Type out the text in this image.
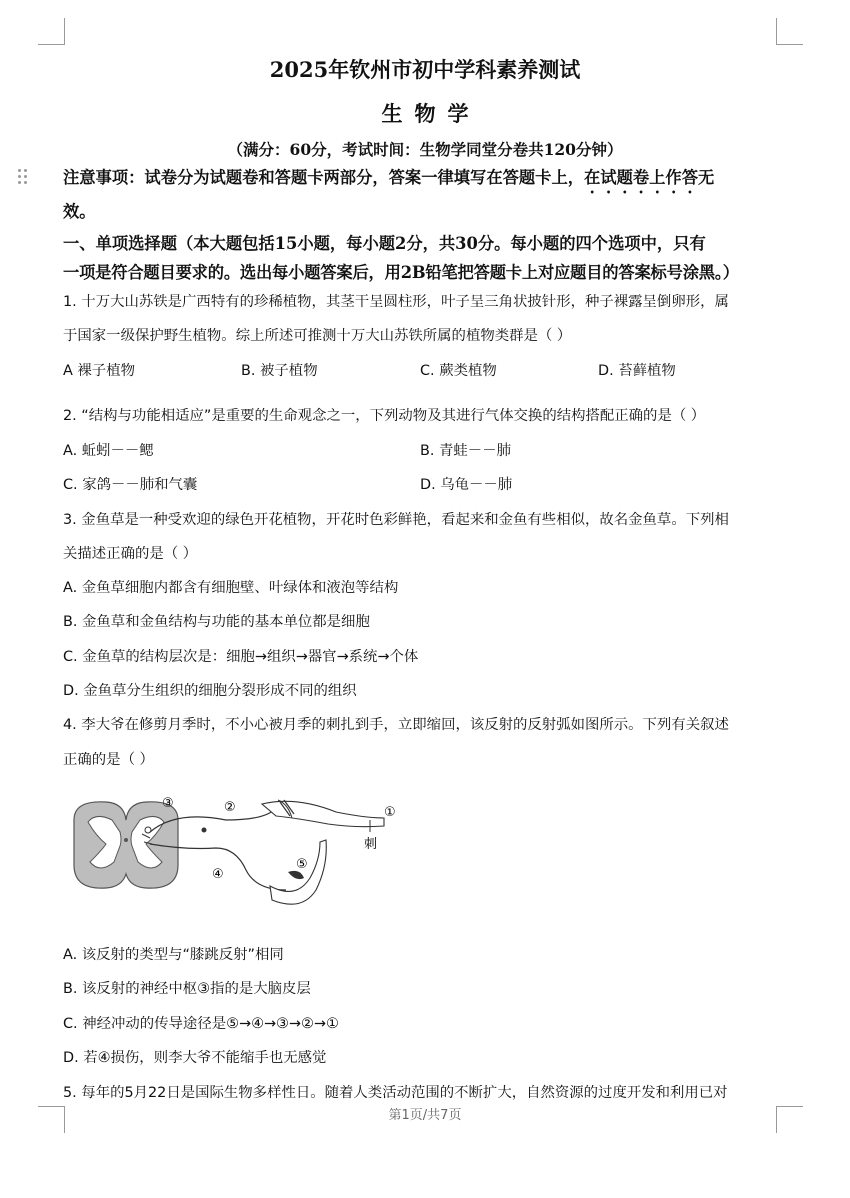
2025年钦州市初中学科素养测试
生物学
（满分：60分，考试时间：生物学同堂分卷共120分钟）
注意事项：试卷分为试题卷和答题卡两部分，答案一律填写在答题卡上，在试题卷上作答无
效。
一、单项选择题（本大题包括15小题，每小题2分，共30分。每小题的四个选项中，只有
一项是符合题目要求的。选出每小题答案后，用2B铅笔把答题卡上对应题目的答案标号涂黑。）
1. 十万大山苏铁是广西特有的珍稀植物，其茎干呈圆柱形，叶子呈三角状披针形，种子裸露呈倒卵形，属
于国家一级保护野生植物。综上所述可推测十万大山苏铁所属的植物类群是（ ）
A 裸子植物	B. 被子植物	C. 蕨类植物	D. 苔藓植物
2. “结构与功能相适应”是重要的生命观念之一，下列动物及其进行气体交换的结构搭配正确的是（ ）
A. 蚯蚓－－鳃	B. 青蛙－－肺
C. 家鸽－－肺和气囊	D. 乌龟－－肺
3. 金鱼草是一种受欢迎的绿色开花植物，开花时色彩鲜艳，看起来和金鱼有些相似，故名金鱼草。下列相
关描述正确的是（ ）
A. 金鱼草细胞内都含有细胞壁、叶绿体和液泡等结构
B. 金鱼草和金鱼结构与功能的基本单位都是细胞
C. 金鱼草的结构层次是：细胞→组织→器官→系统→个体
D. 金鱼草分生组织的细胞分裂形成不同的组织
4. 李大爷在修剪月季时，不小心被月季的刺扎到手，立即缩回，该反射的反射弧如图所示。下列有关叙述
正确的是（ ）
③	②	①
④
⑤
刺
A. 该反射的类型与“膝跳反射”相同
B. 该反射的神经中枢③指的是大脑皮层
C. 神经冲动的传导途径是⑤→④→③→②→①
D. 若④损伤，则李大爷不能缩手也无感觉
5. 每年的5月22日是国际生物多样性日。随着人类活动范围的不断扩大，自然资源的过度开发和利用已对
第1页/共7页
